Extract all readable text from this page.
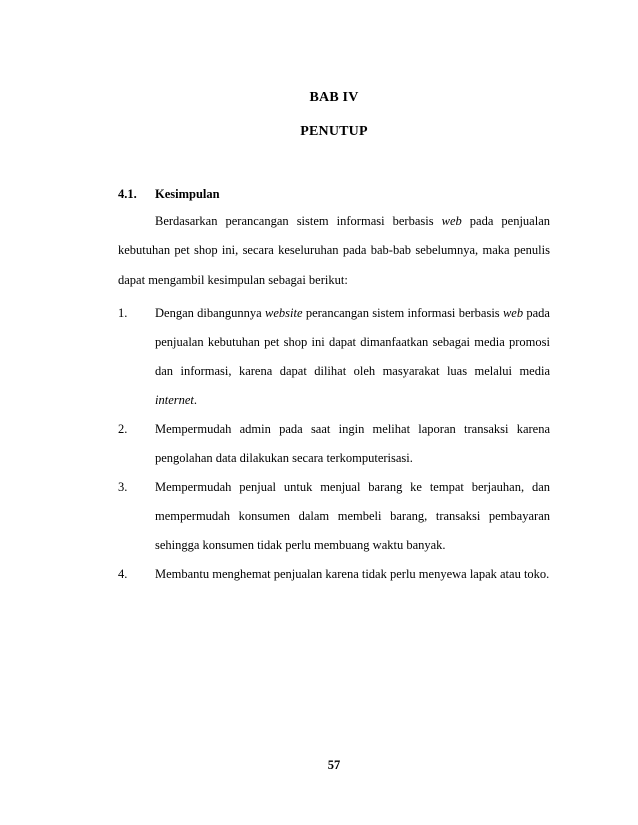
BAB IV
PENUTUP
4.1. Kesimpulan
Berdasarkan perancangan sistem informasi berbasis web pada penjualan kebutuhan pet shop ini, secara keseluruhan pada bab-bab sebelumnya, maka penulis dapat mengambil kesimpulan sebagai berikut:
1. Dengan dibangunnya website perancangan sistem informasi berbasis web pada penjualan kebutuhan pet shop ini dapat dimanfaatkan sebagai media promosi dan informasi, karena dapat dilihat oleh masyarakat luas melalui media internet.
2. Mempermudah admin pada saat ingin melihat laporan transaksi karena pengolahan data dilakukan secara terkomputerisasi.
3. Mempermudah penjual untuk menjual barang ke tempat berjauhan, dan mempermudah konsumen dalam membeli barang, transaksi pembayaran sehingga konsumen tidak perlu membuang waktu banyak.
4. Membantu menghemat penjualan karena tidak perlu menyewa lapak atau toko.
57
